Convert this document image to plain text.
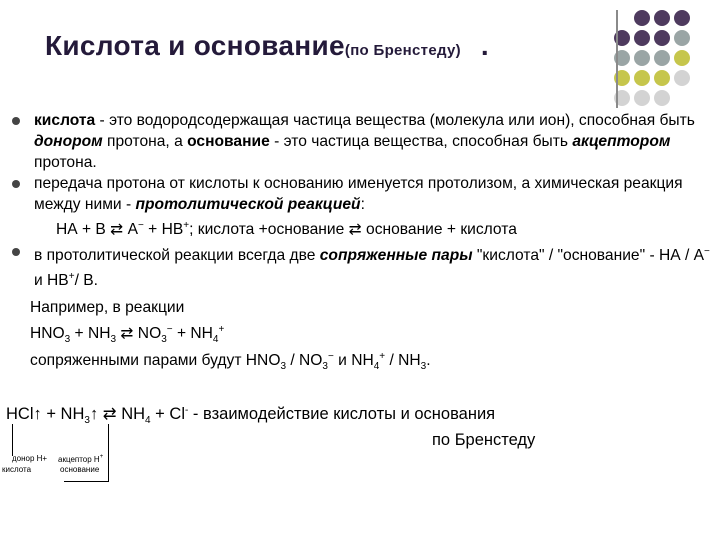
Кислота и основание(по Бренстеду) .
кислота - это водородсодержащая частица вещества (молекула или ион), способная быть донором протона, а основание - это частица вещества, способная быть акцептором протона.
передача протона от кислоты к основанию именуется протолизом, а химическая реакция между ними - протолитической реакцией:
НА + В ⇄ А− + НВ+; кислота +основание ⇄ основание + кислота
в протолитической реакции всегда две сопряженные пары "кислота" / "основание" - НА / А− и НВ+/ В.
Например, в реакции
$HNO_3 + NH_3$ ⇄ $NO_3^- + NH_4^+$
сопряженными парами будут $HNO_3 / NO_3^-$ и $NH_4^+ / NH_3$.
HCl↑ + $NH_3↑$ ⇄ $NH_4 + Cl^-$ - взаимодействие кислоты и основания
по Бренстеду
донор Н+
кислота
акцептор Н+
основание
